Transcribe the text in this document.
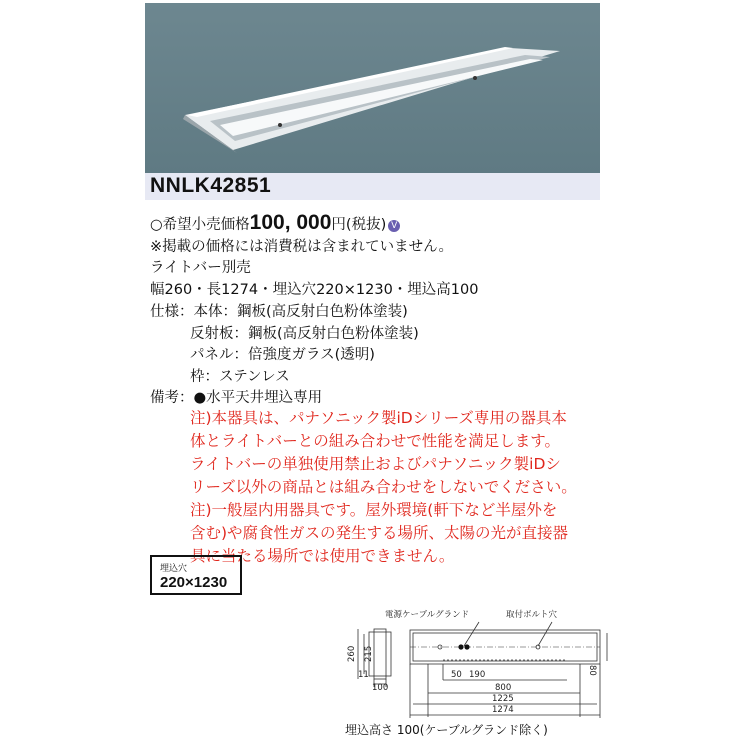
NNLK42851
○希望小売価格100, 000円(税抜) V
※掲載の価格には消費税は含まれていません。
ライトバー別売
幅260・長1274・埋込穴220×1230・埋込高100
仕様：本体：鋼板(高反射白色粉体塗装)
反射板：鋼板(高反射白色粉体塗装)
パネル：倍強度ガラス(透明)
枠：ステンレス
備考：●水平天井埋込専用
注)本器具は、パナソニック製iDシリーズ専用の器具本
体とライトバーとの組み合わせで性能を満足します。
ライトバーの単独使用禁止およびパナソニック製iDシ
リーズ以外の商品とは組み合わせをしないでください。
注)一般屋内用器具です。屋外環境(軒下など半屋外を
含む)や腐食性ガスの発生する場所、太陽の光が直接器
具に当たる場所では使用できません。
埋込穴
220×1230
電源ケーブルグランド	取付ボルト穴
260 215
11
100
50 190
800
1225
1274
80
埋込高さ 100(ケーブルグランド除く)
